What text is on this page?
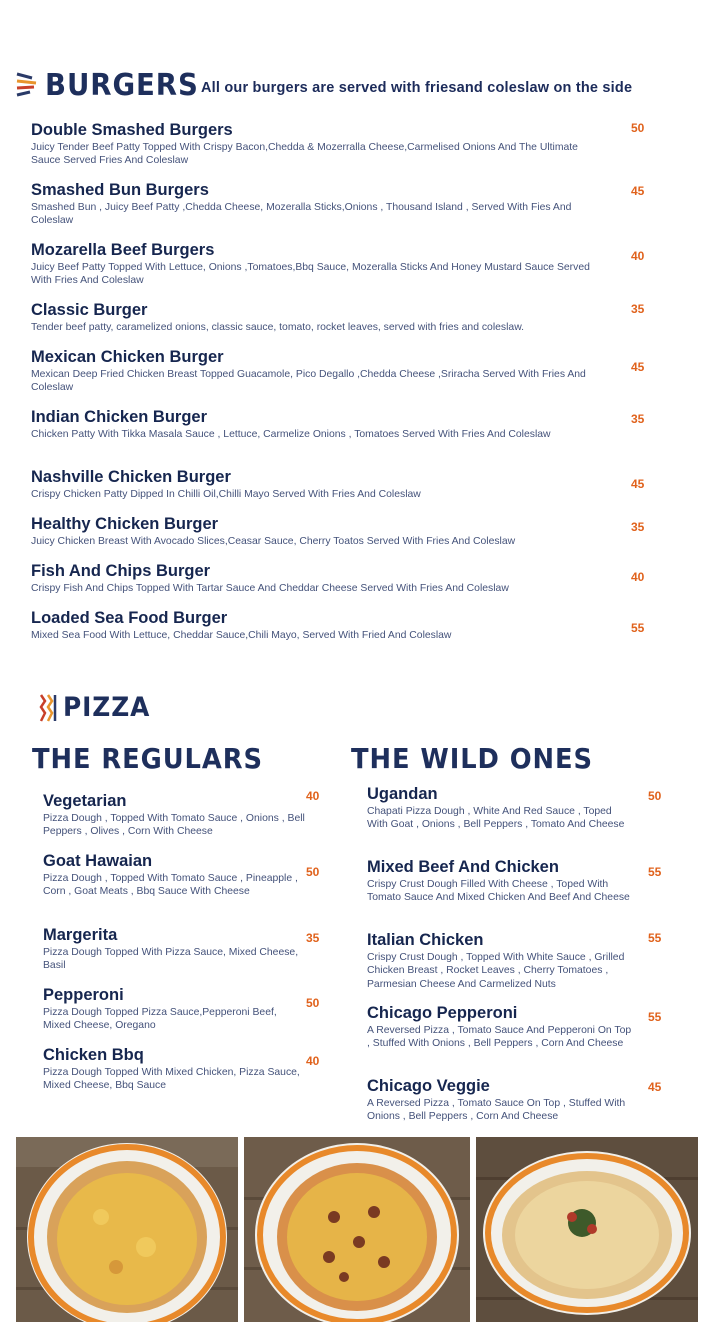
BURGERS All our burgers are served with friesand coleslaw on the side
Double Smashed Burgers
Juicy Tender Beef Patty Topped With Crispy Bacon,Chedda & Mozerralla Cheese,Carmelised Onions And The Ultimate Sauce Served Fries And Coleslaw
50
Smashed Bun Burgers
Smashed Bun , Juicy Beef Patty ,Chedda Cheese, Mozeralla Sticks,Onions , Thousand Island , Served With Fies And Coleslaw
45
Mozarella Beef Burgers
Juicy Beef Patty Topped With Lettuce, Onions ,Tomatoes,Bbq Sauce, Mozeralla Sticks And Honey Mustard Sauce Served With Fries And Coleslaw
40
Classic Burger
Tender beef patty, caramelized onions, classic sauce, tomato, rocket leaves, served with fries and coleslaw.
35
Mexican Chicken Burger
Mexican Deep Fried Chicken Breast Topped Guacamole, Pico Degallo ,Chedda Cheese ,Sriracha Served With Fries And Coleslaw
45
Indian Chicken Burger
Chicken Patty With Tikka Masala Sauce , Lettuce, Carmelize Onions , Tomatoes Served With Fries And Coleslaw
35
Nashville Chicken Burger
Crispy Chicken Patty Dipped In Chilli Oil,Chilli Mayo Served With Fries And Coleslaw
45
Healthy Chicken Burger
Juicy Chicken Breast With Avocado Slices,Ceasar Sauce, Cherry Toatos Served With Fries And Coleslaw
35
Fish And Chips Burger
Crispy Fish And Chips Topped With Tartar Sauce And Cheddar Cheese Served With Fries And Coleslaw
40
Loaded Sea Food Burger
Mixed Sea Food With Lettuce, Cheddar Sauce,Chili Mayo, Served With Fried And Coleslaw
55
PIZZA
THE REGULARS	THE WILD ONES
Vegetarian
Pizza Dough , Topped With Tomato Sauce , Onions , Bell Peppers , Olives , Corn With Cheese
40
Goat Hawaian
Pizza Dough , Topped With Tomato Sauce , Pineapple , Corn , Goat Meats , Bbq Sauce With Cheese
50
Margerita
Pizza Dough Topped With Pizza Sauce, Mixed Cheese, Basil
35
Pepperoni
Pizza Dough Topped Pizza Sauce,Pepperoni Beef, Mixed Cheese, Oregano
50
Chicken Bbq
Pizza Dough Topped With Mixed Chicken, Pizza Sauce, Mixed Cheese, Bbq Sauce
40
Ugandan
Chapati Pizza Dough , White And Red Sauce , Toped With Goat , Onions , Bell Peppers , Tomato And Cheese
50
Mixed Beef And Chicken
Crispy Crust Dough Filled With Cheese , Toped With Tomato Sauce And Mixed Chicken And Beef And Cheese
55
Italian Chicken
Crispy Crust Dough , Topped With White Sauce , Grilled Chicken Breast , Rocket Leaves , Cherry Tomatoes , Parmesian Cheese And Carmelized Nuts
55
Chicago Pepperoni
A Reversed Pizza , Tomato Sauce And Pepperoni On Top , Stuffed With Onions , Bell Peppers , Corn And Cheese
55
Chicago Veggie
A Reversed Pizza , Tomato Sauce On Top , Stuffed With Onions , Bell Peppers , Corn And Cheese
45
